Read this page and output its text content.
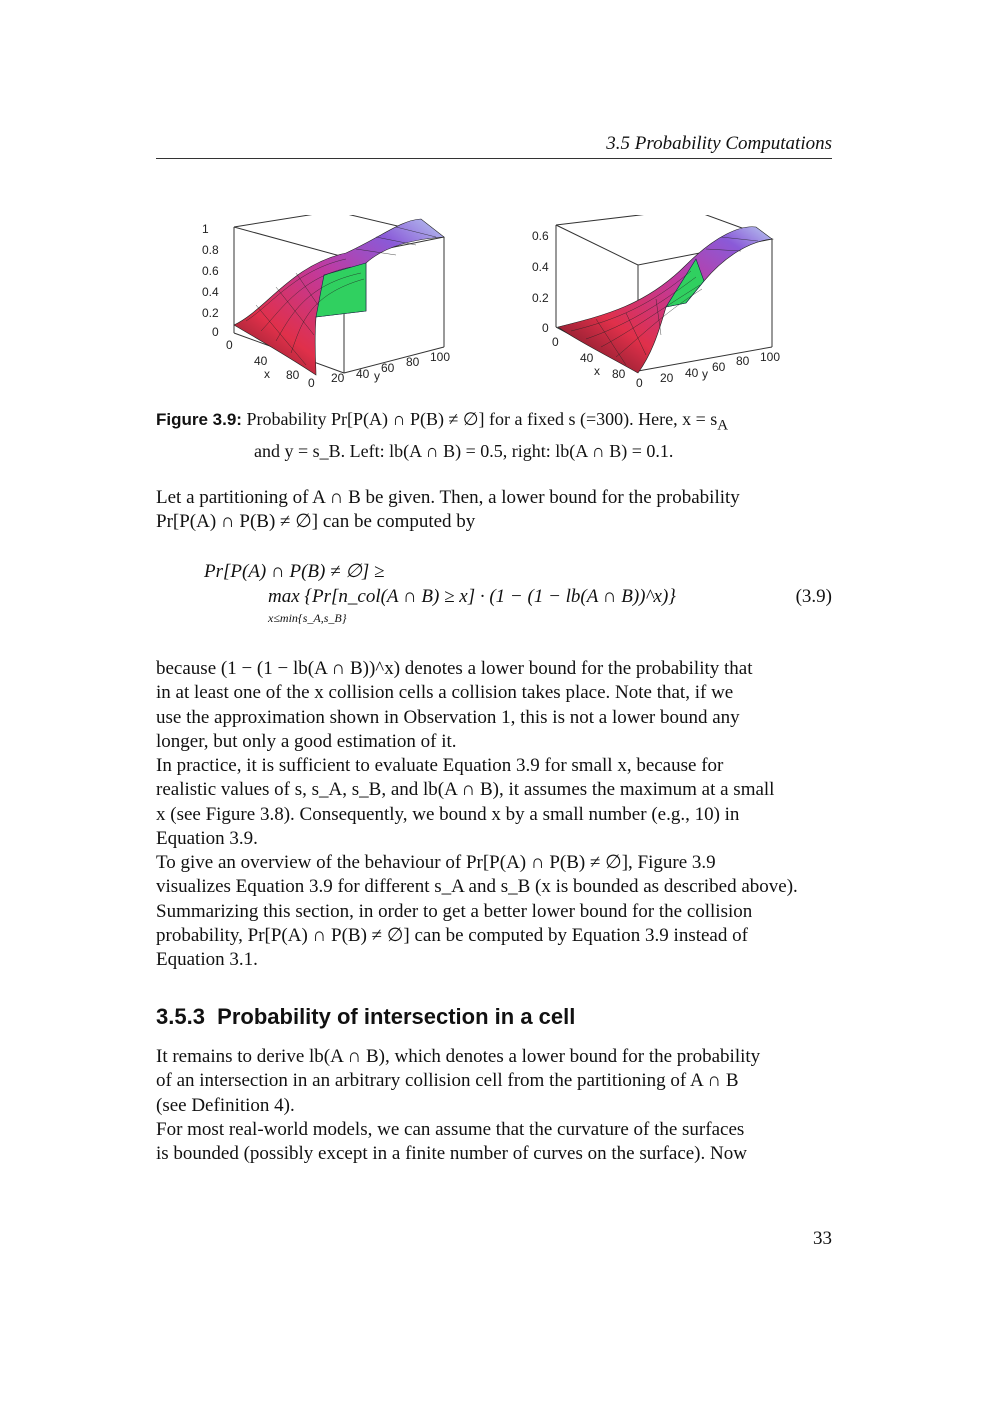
3.5 Probability Computations
1
0.8
0.6
0.4
0.2
0
0
40
80
x
0 20 40 60 80 100
y
0.6
0.4
0.2
0
0
40
80
x
0 20 40 60 80 100
y
Figure 3.9: Probability Pr[P(A) ∩ P(B) ≠ ∅] for a fixed s (=300). Here, $x = s_A$
and y = s_B. Left: lb(A ∩ B) = 0.5, right: lb(A ∩ B) = 0.1.
Let a partitioning of A ∩ B be given. Then, a lower bound for the probability
Pr[P(A) ∩ P(B) ≠ ∅] can be computed by
Pr[P(A) ∩ P(B) ≠ ∅] ≥
max {Pr[n_col(A ∩ B) ≥ x] · (1 − (1 − lb(A ∩ B))^x)}
x≤min{s_A,s_B}
(3.9)
because (1 − (1 − lb(A ∩ B))^x) denotes a lower bound for the probability that
in at least one of the x collision cells a collision takes place. Note that, if we
use the approximation shown in Observation 1, this is not a lower bound any
longer, but only a good estimation of it.
In practice, it is sufficient to evaluate Equation 3.9 for small x, because for
realistic values of s, s_A, s_B, and lb(A ∩ B), it assumes the maximum at a small
x (see Figure 3.8). Consequently, we bound x by a small number (e.g., 10) in
Equation 3.9.
To give an overview of the behaviour of Pr[P(A) ∩ P(B) ≠ ∅], Figure 3.9
visualizes Equation 3.9 for different s_A and s_B (x is bounded as described above).
Summarizing this section, in order to get a better lower bound for the collision
probability, Pr[P(A) ∩ P(B) ≠ ∅] can be computed by Equation 3.9 instead of
Equation 3.1.
3.5.3 Probability of intersection in a cell
It remains to derive lb(A ∩ B), which denotes a lower bound for the probability
of an intersection in an arbitrary collision cell from the partitioning of A ∩ B
(see Definition 4).
For most real-world models, we can assume that the curvature of the surfaces
is bounded (possibly except in a finite number of curves on the surface). Now
33
